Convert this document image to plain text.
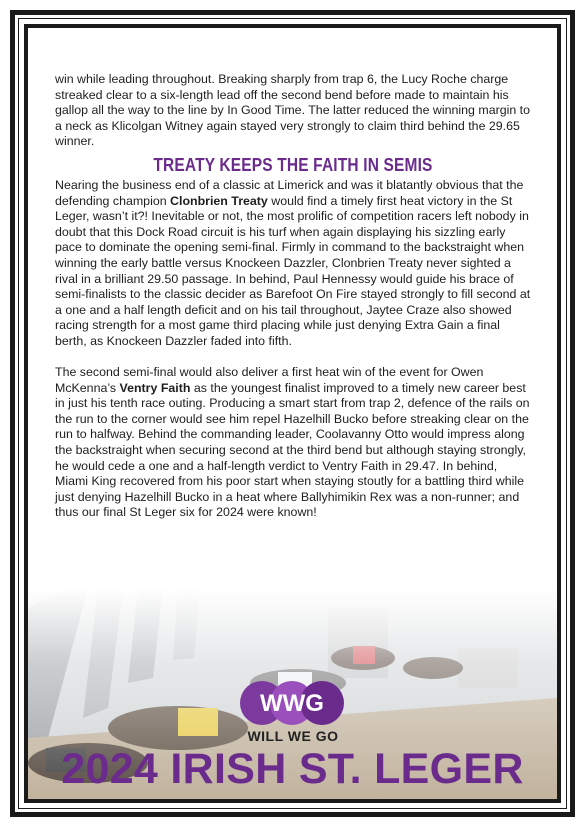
win while leading throughout. Breaking sharply from trap 6, the Lucy Roche charge streaked clear to a six-length lead off the second bend before made to maintain his gallop all the way to the line by In Good Time. The latter reduced the winning margin to a neck as Klicolgan Witney again stayed very strongly to claim third behind the 29.65 winner.

TREATY KEEPS THE FAITH IN SEMIS

Nearing the business end of a classic at Limerick and was it blatantly obvious that the defending champion Clonbrien Treaty would find a timely first heat victory in the St Leger, wasn’t it?! Inevitable or not, the most prolific of competition racers left nobody in doubt that this Dock Road circuit is his turf when again displaying his sizzling early pace to dominate the opening semi-final. Firmly in command to the backstraight when winning the early battle versus Knockeen Dazzler, Clonbrien Treaty never sighted a rival in a brilliant 29.50 passage. In behind, Paul Hennessy would guide his brace of semi-finalists to the classic decider as Barefoot On Fire stayed strongly to fill second at a one and a half length deficit and on his tail throughout, Jaytee Craze also showed racing strength for a most game third placing while just denying Extra Gain a final berth, as Knockeen Dazzler faded into fifth.

The second semi-final would also deliver a first heat win of the event for Owen McKenna’s Ventry Faith as the youngest finalist improved to a timely new career best in just his tenth race outing. Producing a smart start from trap 2, defence of the rails on the run to the corner would see him repel Hazelhill Bucko before streaking clear on the run to halfway. Behind the commanding leader, Coolavanny Otto would impress along the backstraight when securing second at the third bend but although staying strongly, he would cede a one and a half-length verdict to Ventry Faith in 29.47. In behind, Miami King recovered from his poor start when staying stoutly for a battling third while just denying Hazelhill Bucko in a heat where Ballyhimikin Rex was a non-runner; and thus our final St Leger six for 2024 were known!

WWG
WILL WE GO
2024 IRISH ST. LEGER
